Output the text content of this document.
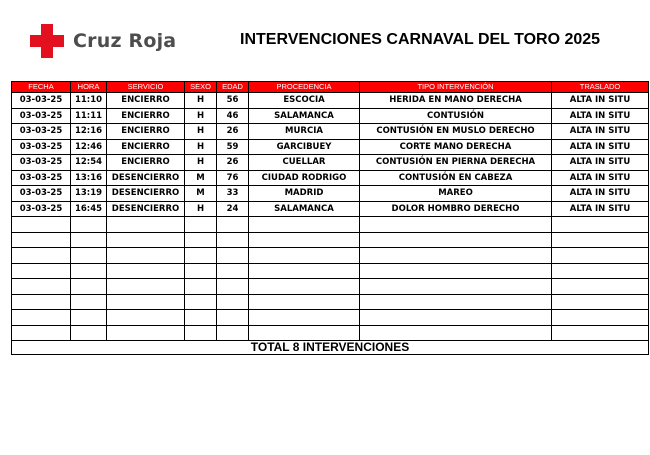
Cruz Roja	INTERVENCIONES CARNAVAL DEL TORO 2025
FECHA	HORA	SERVICIO	SEXO	EDAD	PROCEDENCIA	TIPO INTERVENCIÓN	TRASLADO
03-03-25	11:10	ENCIERRO	H	56	ESCOCIA	HERIDA EN MANO DERECHA	ALTA IN SITU
03-03-25	11:11	ENCIERRO	H	46	SALAMANCA	CONTUSIÓN	ALTA IN SITU
03-03-25	12:16	ENCIERRO	H	26	MURCIA	CONTUSIÓN EN MUSLO DERECHO	ALTA IN SITU
03-03-25	12:46	ENCIERRO	H	59	GARCIBUEY	CORTE MANO DERECHA	ALTA IN SITU
03-03-25	12:54	ENCIERRO	H	26	CUELLAR	CONTUSIÓN EN PIERNA DERECHA	ALTA IN SITU
03-03-25	13:16	DESENCIERRO	M	76	CIUDAD RODRIGO	CONTUSIÓN EN CABEZA	ALTA IN SITU
03-03-25	13:19	DESENCIERRO	M	33	MADRID	MAREO	ALTA IN SITU
03-03-25	16:45	DESENCIERRO	H	24	SALAMANCA	DOLOR HOMBRO DERECHO	ALTA IN SITU

TOTAL 8 INTERVENCIONES							
